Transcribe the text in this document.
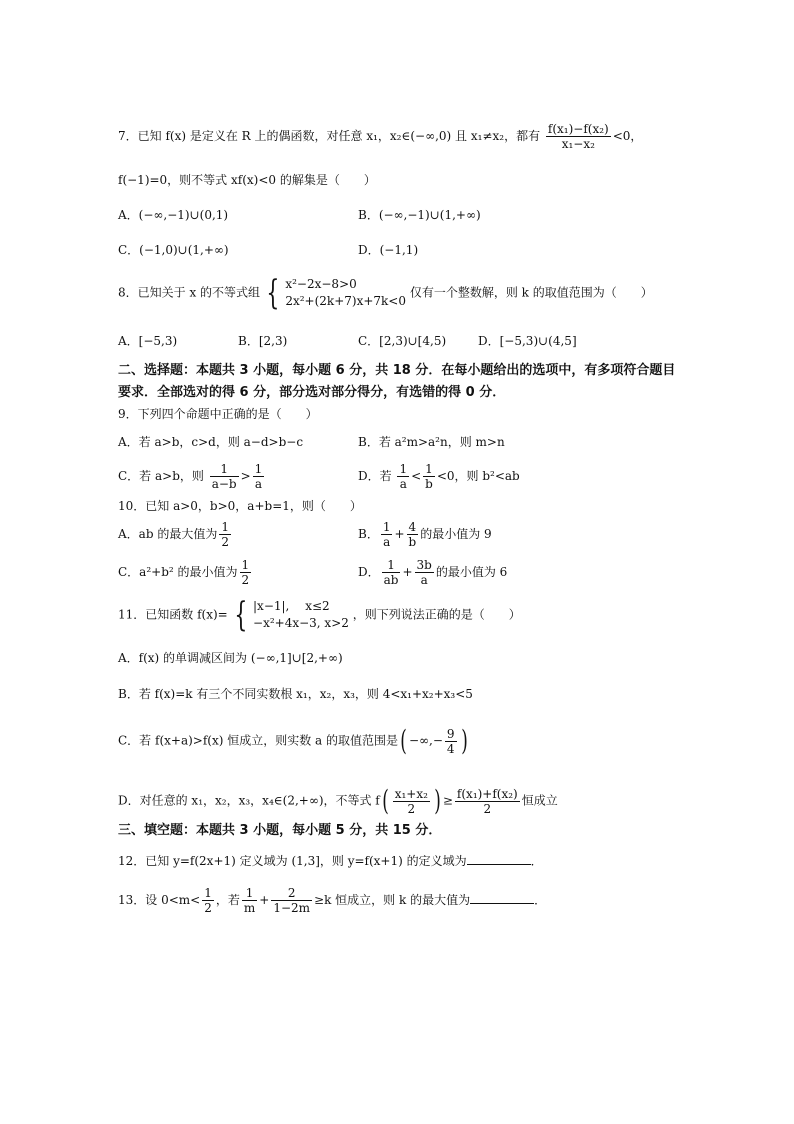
7．已知 f(x) 是定义在 R 上的偶函数，对任意 x₁，x₂∈(−∞,0) 且 x₁≠x₂，都有 $\frac{\text{f(x₁)−f(x₂)}}{\text{x₁−x₂}} <0$，
f(−1)=0，则不等式 xf(x)<0 的解集是（　　）
A．(−∞,−1)∪(0,1)	B．(−∞,−1)∪(1,+∞)
C．(−1,0)∪(1,+∞)	D．(−1,1)
8．已知关于 x 的不等式组 { x²−2x−8>0
2x²+(2k+7)x+7k<0
仅有一个整数解，则 k 的取值范围为（　　）
A．[−5,3)	B．[2,3)	C．[2,3)∪[4,5)	D．[−5,3)∪(4,5]
二、选择题：本题共 3 小题，每小题 6 分，共 18 分．在每小题给出的选项中，有多项符合题目要求．全部选对的得 6 分，部分选对部分得分，有选错的得 0 分．
9．下列四个命题中正确的是（　　）
A．若 a>b，c>d，则 a−d>b−c	B．若 a²m>a²n，则 m>n
C．若 a>b，则 $\frac{1}{a-b} > \frac{1}{a}$	D．若 $\frac{1}{a} < \frac{1}{b} <0$，则 b²<ab
10．已知 a>0，b>0，a+b=1，则（　　）
A．ab 的最大值为 $\frac{1}{2}$	B． $\frac{1}{a} + \frac{4}{b}$ 的最小值为 9
C．a²+b² 的最小值为 $\frac{1}{2}$	D． $\frac{1}{ab} + \frac{3b}{a}$ 的最小值为 6
11．已知函数 f(x)= { |x−1|,　 x≤2
−x²+4x−3, x>2
，则下列说法正确的是（　　）
A．f(x) 的单调减区间为 (−∞,1]∪[2,+∞)
B．若 f(x)=k 有三个不同实数根 x₁，x₂，x₃，则 4<x₁+x₂+x₃<5
C．若 f(x+a)>f(x) 恒成立，则实数 a 的取值范围是( −∞,− $\frac{9}{4}$ )
D．对任意的 x₁，x₂，x₃，x₄∈(2,+∞)，不等式 $f( \frac{\text{x₁+x₂}}{2}$ ) ≥ $\frac{\text{f(x₁)+f(x₂)}}{2}$ 恒成立
三、填空题：本题共 3 小题，每小题 5 分，共 15 分．
12．已知 y=f(2x+1) 定义域为 (1,3]，则 y=f(x+1) 的定义域为	．
13．设 $0<m< \frac{1}{2}$ ，若 $\frac{1}{m} + \frac{2}{1-2m} \ge k$ 恒成立，则 k 的最大值为	．
